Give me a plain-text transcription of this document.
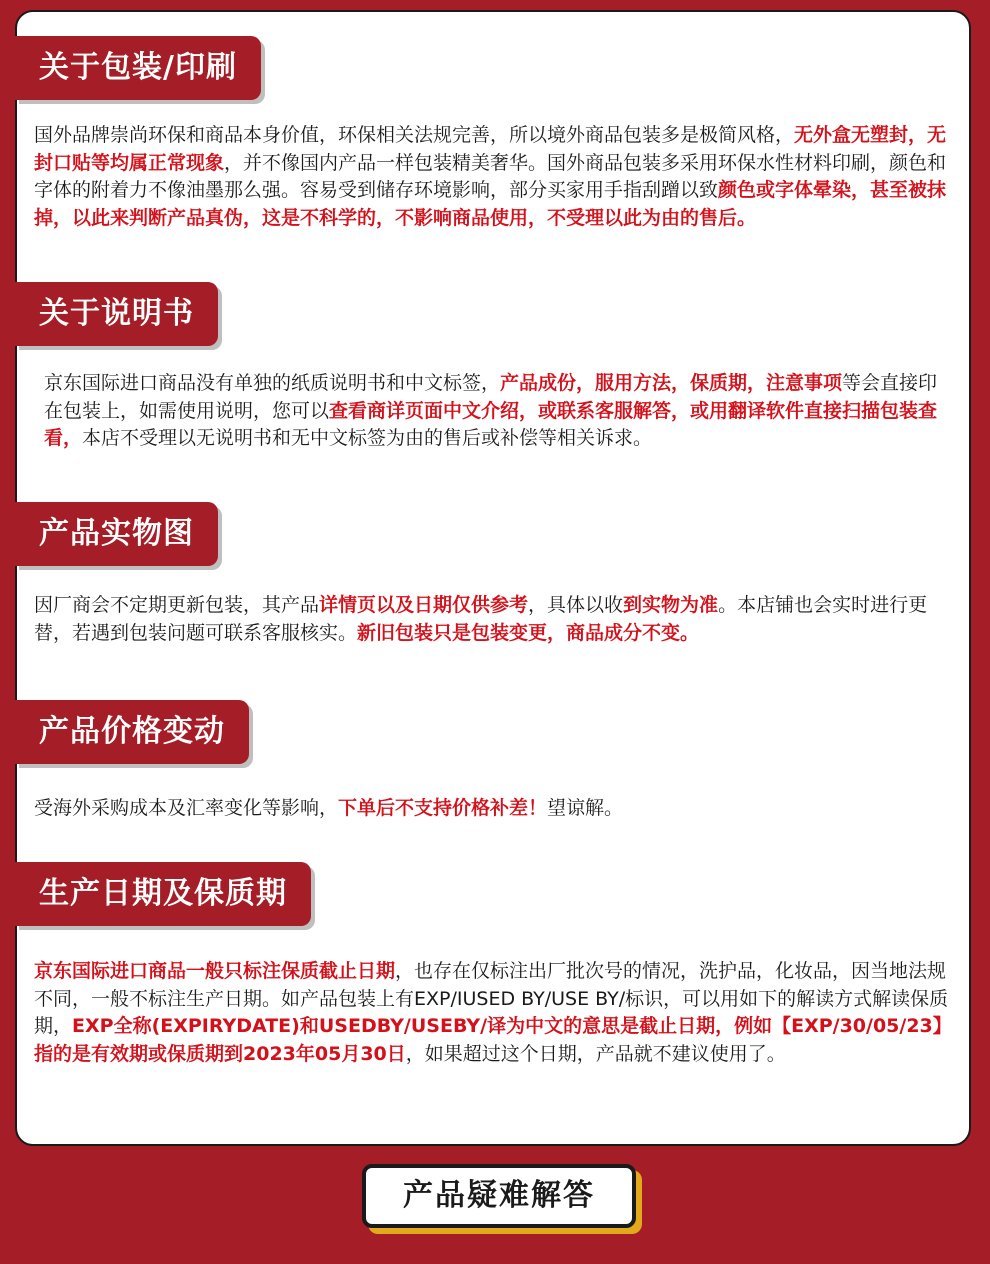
关于包装/印刷

国外品牌崇尚环保和商品本身价值，环保相关法规完善，所以境外商品包装多是极简风格，无外盒无塑封，无封口贴等均属正常现象，并不像国内产品一样包装精美奢华。国外商品包装多采用环保水性材料印刷，颜色和字体的附着力不像油墨那么强。容易受到储存环境影响，部分买家用手指刮蹭以致颜色或字体晕染，甚至被抹掉，以此来判断产品真伪，这是不科学的，不影响商品使用，不受理以此为由的售后。

关于说明书

京东国际进口商品没有单独的纸质说明书和中文标签，产品成份，服用方法，保质期，注意事项等会直接印在包装上，如需使用说明，您可以查看商详页面中文介绍，或联系客服解答，或用翻译软件直接扫描包装查看，本店不受理以无说明书和无中文标签为由的售后或补偿等相关诉求。

产品实物图

因厂商会不定期更新包装，其产品详情页以及日期仅供参考，具体以收到实物为准。本店铺也会实时进行更替，若遇到包装问题可联系客服核实。新旧包装只是包装变更，商品成分不变。

产品价格变动

受海外采购成本及汇率变化等影响，下单后不支持价格补差！望谅解。

生产日期及保质期

京东国际进口商品一般只标注保质截止日期，也存在仅标注出厂批次号的情况，洗护品，化妆品，因当地法规不同，一般不标注生产日期。如产品包装上有EXP/IUSED BY/USE BY/标识，可以用如下的解读方式解读保质期，EXP全称(EXPIRYDATE)和USEDBY/USEBY/译为中文的意思是截止日期，例如【EXP/30/05/23】指的是有效期或保质期到2023年05月30日，如果超过这个日期，产品就不建议使用了。

产品疑难解答
